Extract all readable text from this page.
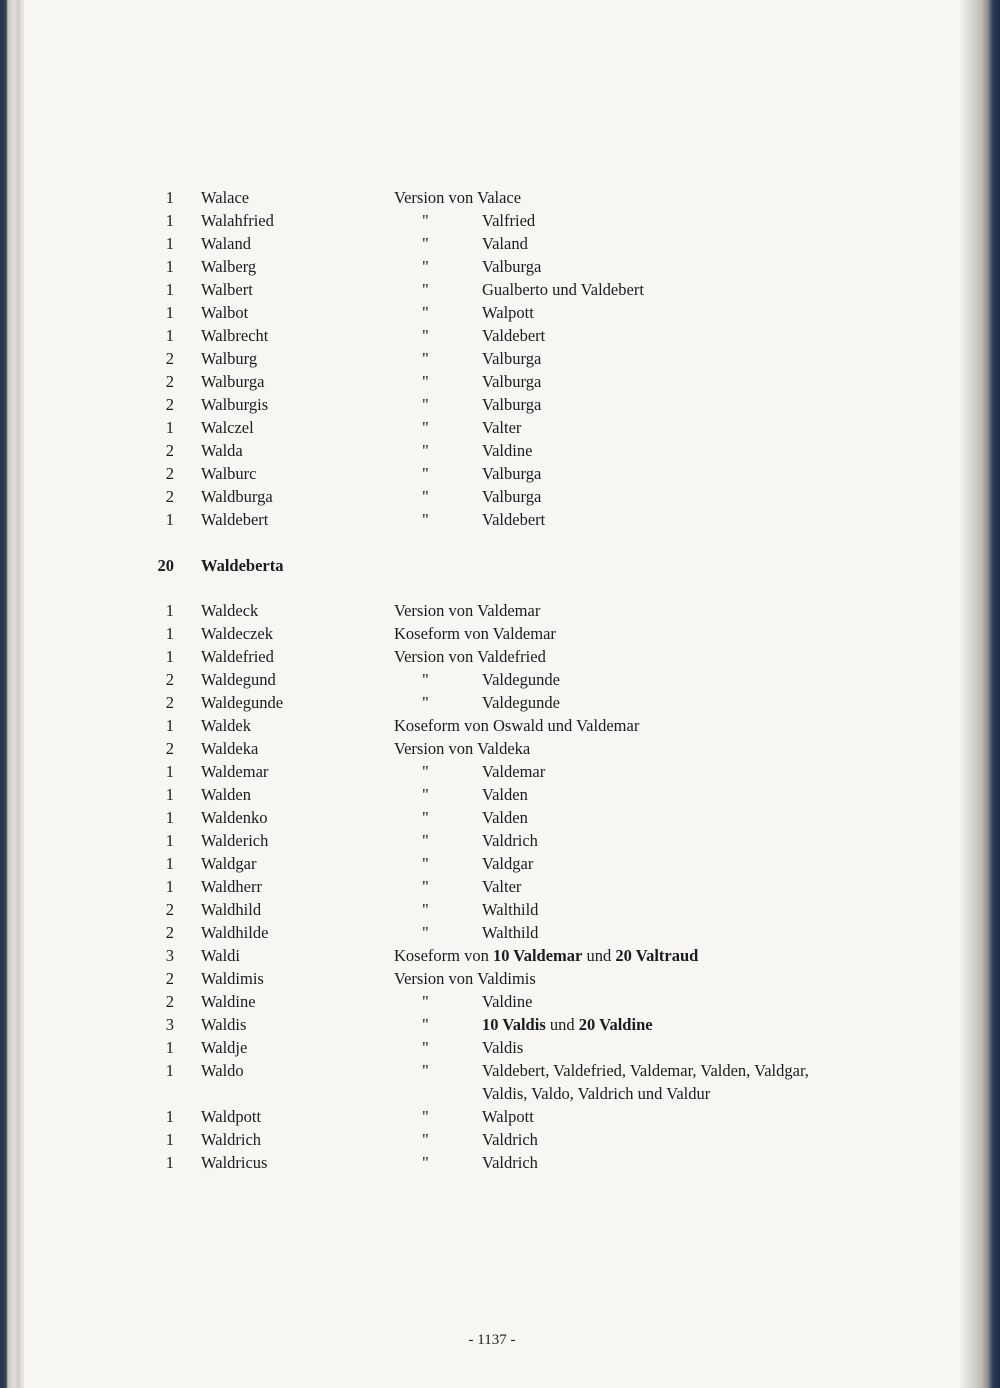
1 Walace	Version von Valace
1 Walahfried	"	Valfried
1 Waland	"	Valand
1 Walberg	"	Valburga
1 Walbert	"	Gualberto und Valdebert
1 Walbot	"	Walpott
1 Walbrecht	"	Valdebert
2 Walburg	"	Valburga
2 Walburga	"	Valburga
2 Walburgis	"	Valburga
1 Walczel	"	Valter
2 Walda	"	Valdine
2 Walburc	"	Valburga
2 Waldburga	"	Valburga
1 Waldebert	"	Valdebert
20 Waldeberta
1 Waldeck	Version von Valdemar
1 Waldeczek	Koseform von Valdemar
1 Waldefried	Version von Valdefried
2 Waldegund	"	Valdegunde
2 Waldegunde	"	Valdegunde
1 Waldek	Koseform von Oswald und Valdemar
2 Waldeka	Version von Valdeka
1 Waldemar	"	Valdemar
1 Walden	"	Valden
1 Waldenko	"	Valden
1 Walderich	"	Valdrich
1 Waldgar	"	Valdgar
1 Waldherr	"	Valter
2 Waldhild	"	Walthild
2 Waldhilde	"	Walthild
3 Waldi	Koseform von 10 Valdemar und 20 Valtraud
2 Waldimis	Version von Valdimis
2 Waldine	"	Valdine
3 Waldis	"	10 Valdis und 20 Valdine
1 Waldje	"	Valdis
1 Waldo	"	Valdebert, Valdefried, Valdemar, Valden, Valdgar,
Valdis, Valdo, Valdrich und Valdur
1 Waldpott	"	Walpott
1 Waldrich	"	Valdrich
1 Waldricus	"	Valdrich
- 1137 -
